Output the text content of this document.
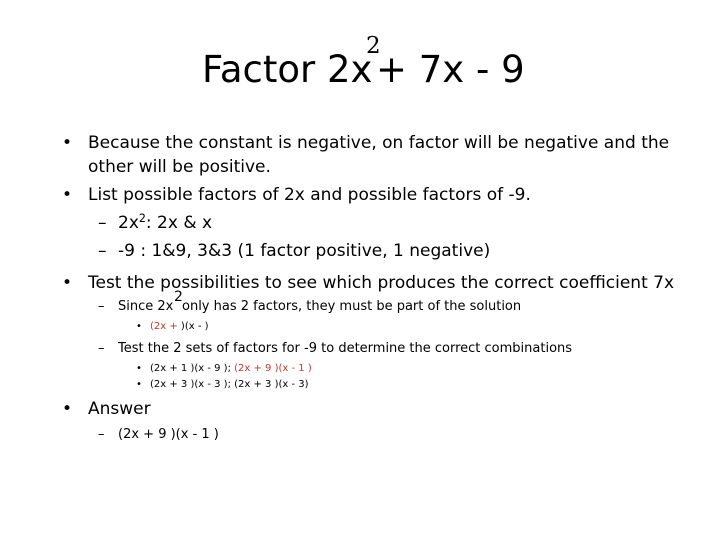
Factor 2x
2
+ 7x - 9
• Because the constant is negative, on factor will be negative and the
other will be positive.
• List possible factors of 2x and possible factors of -9.
– $2x^2$: 2x & x
– -9 : 1&9, 3&3 (1 factor positive, 1 negative)
• Test the possibilities to see which produces the correct coefficient 7x
– Since 2x
2
only has 2 factors, they must be part of the solution
• (2x + )(x - )
– Test the 2 sets of factors for -9 to determine the correct combinations
• (2x + 1 )(x - 9 ); (2x + 9 )(x - 1 )
• (2x + 3 )(x - 3 ); (2x + 3 )(x - 3)
• Answer
– (2x + 9 )(x - 1 )
